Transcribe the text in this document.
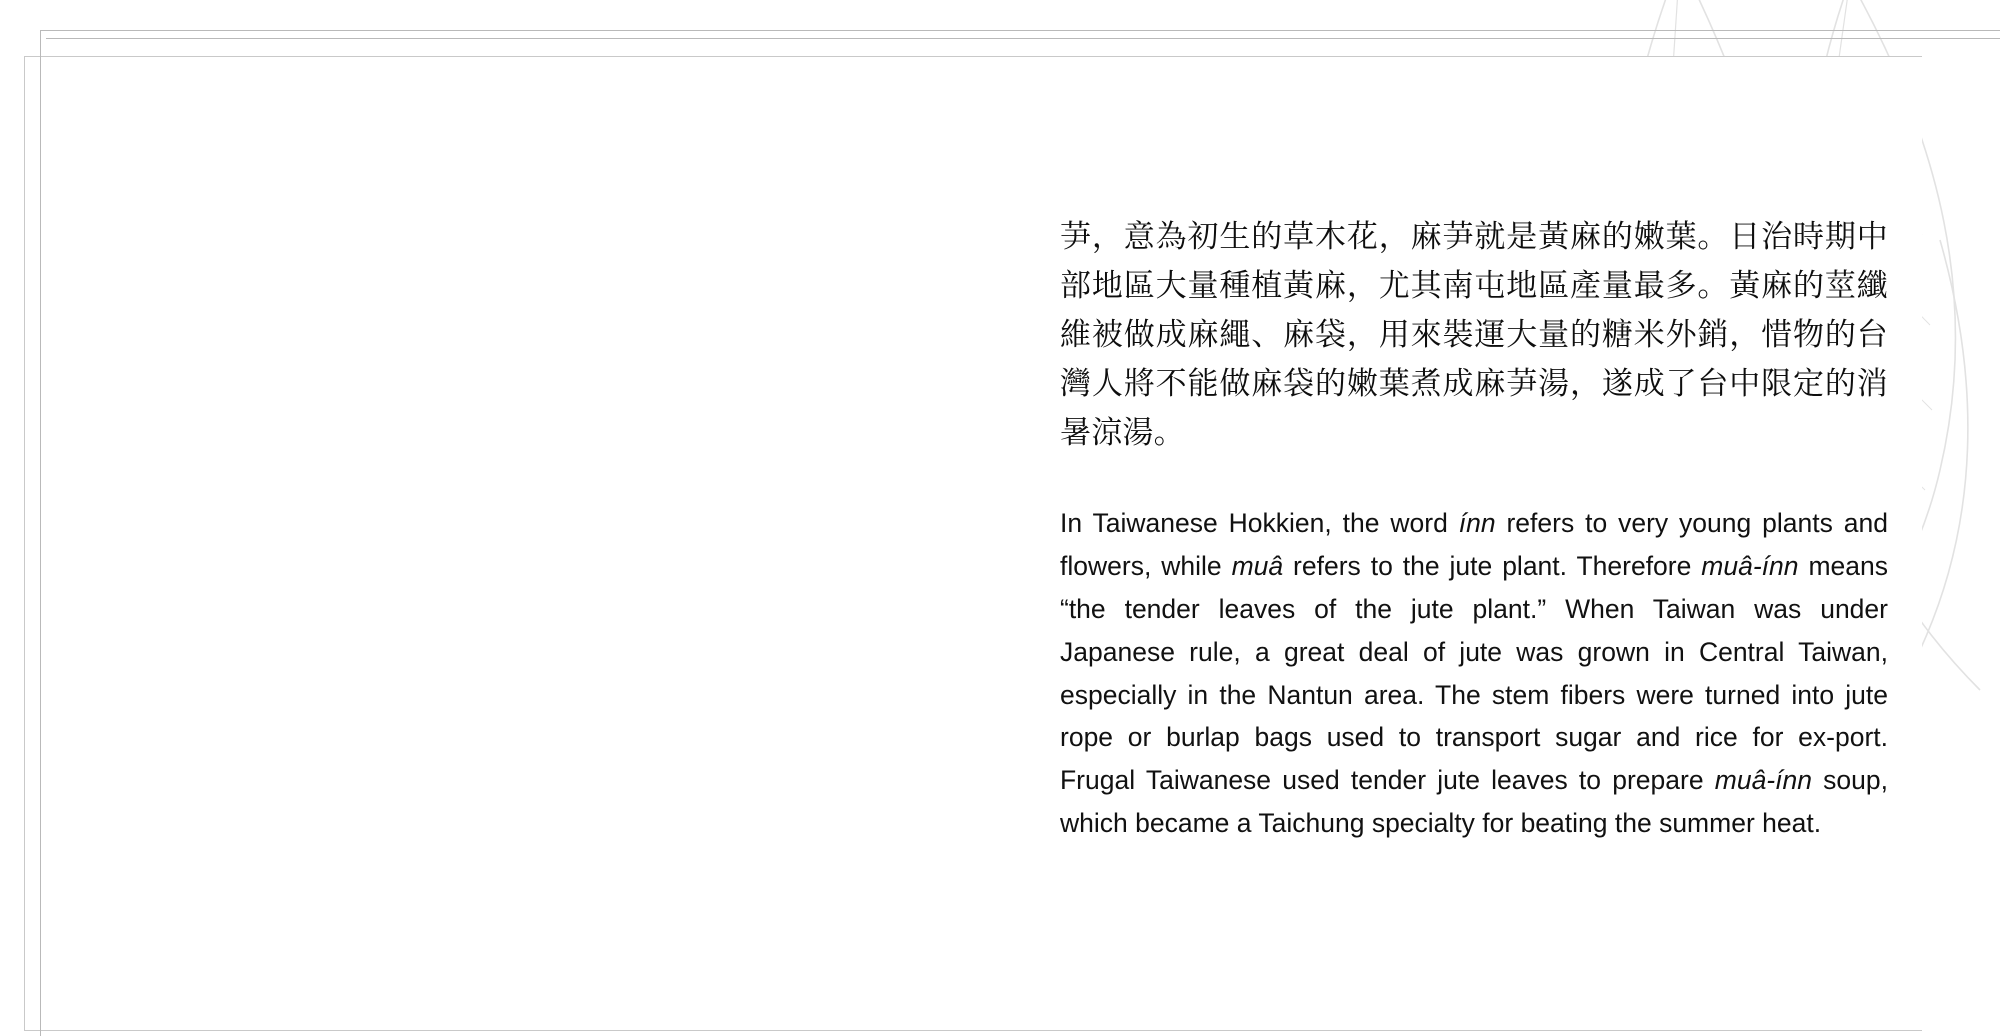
芛，意為初生的草木花，麻芛就是黃麻的嫩葉。日治時期中部地區大量種植黃麻，尤其南屯地區產量最多。黃麻的莖纖維被做成麻繩、麻袋，用來裝運大量的糖米外銷，惜物的台灣人將不能做麻袋的嫩葉煮成麻芛湯，遂成了台中限定的消暑涼湯。

In Taiwanese Hokkien, the word ínn refers to very young plants and flowers, while muâ refers to the jute plant. Therefore muâ-ínn means “the tender leaves of the jute plant.” When Taiwan was under Japanese rule, a great deal of jute was grown in Central Taiwan, especially in the Nantun area. The stem fibers were turned into jute rope or burlap bags used to transport sugar and rice for ex-port. Frugal Taiwanese used tender jute leaves to prepare muâ-ínn soup, which became a Taichung specialty for beating the summer heat.
